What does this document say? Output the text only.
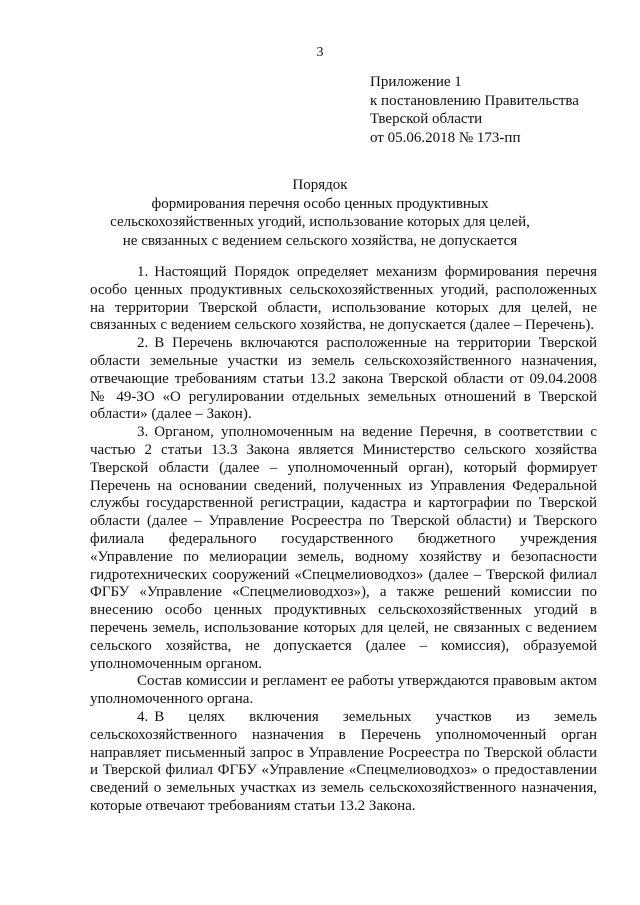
3
Приложение 1
к постановлению Правительства
Тверской области
от 05.06.2018 № 173-пп
Порядок
формирования перечня особо ценных продуктивных
сельскохозяйственных угодий, использование которых для целей,
не связанных с ведением сельского хозяйства, не допускается

1. Настоящий Порядок определяет механизм формирования перечня особо ценных продуктивных сельскохозяйственных угодий, расположенных на территории Тверской области, использование которых для целей, не связанных с ведением сельского хозяйства, не допускается (далее – Перечень).

2. В Перечень включаются расположенные на территории Тверской области земельные участки из земель сельскохозяйственного назначения, отвечающие требованиям статьи 13.2 закона Тверской области от 09.04.2008 № 49-ЗО «О регулировании отдельных земельных отношений в Тверской области» (далее – Закон).

3. Органом, уполномоченным на ведение Перечня, в соответствии с частью 2 статьи 13.3 Закона является Министерство сельского хозяйства Тверской области (далее – уполномоченный орган), который формирует Перечень на основании сведений, полученных из Управления Федеральной службы государственной регистрации, кадастра и картографии по Тверской области (далее – Управление Росреестра по Тверской области) и Тверского филиала федерального государственного бюджетного учреждения «Управление по мелиорации земель, водному хозяйству и безопасности гидротехнических сооружений «Спецмелиоводхоз» (далее – Тверской филиал ФГБУ «Управление «Спецмелиоводхоз»), а также решений комиссии по внесению особо ценных продуктивных сельскохозяйственных угодий в перечень земель, использование которых для целей, не связанных с ведением сельского хозяйства, не допускается (далее – комиссия), образуемой уполномоченным органом.

Состав комиссии и регламент ее работы утверждаются правовым актом уполномоченного органа.

4. В целях включения земельных участков из земель сельскохозяйственного назначения в Перечень уполномоченный орган направляет письменный запрос в Управление Росреестра по Тверской области и Тверской филиал ФГБУ «Управление «Спецмелиоводхоз» о предоставлении сведений о земельных участках из земель сельскохозяйственного назначения, которые отвечают требованиям статьи 13.2 Закона.
